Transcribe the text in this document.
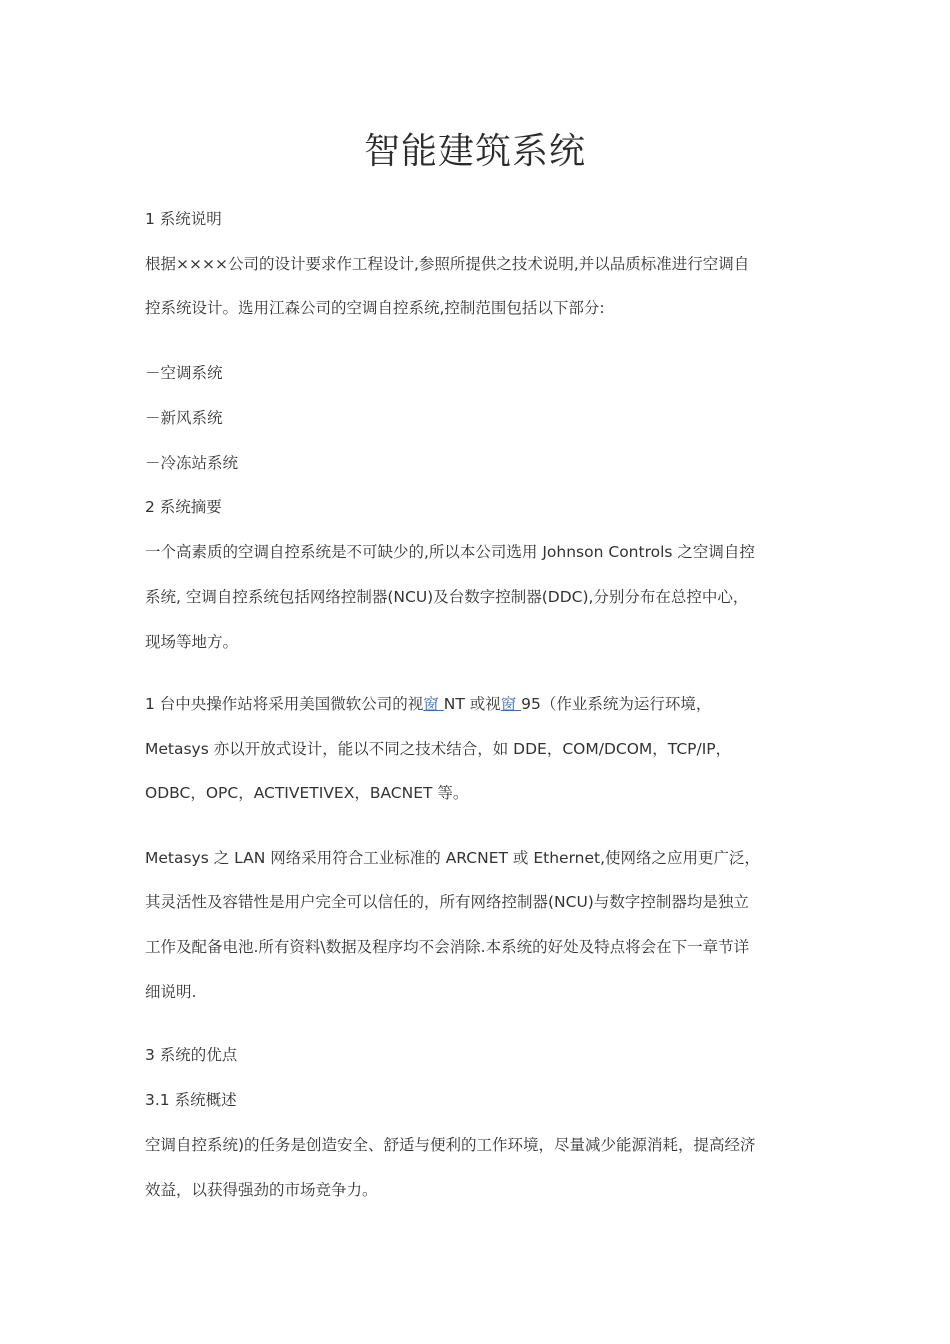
智能建筑系统
1 系统说明
根据××××公司的设计要求作工程设计,参照所提供之技术说明,并以品质标准进行空调自
控系统设计。选用江森公司的空调自控系统,控制范围包括以下部分:
－空调系统
－新风系统
－冷冻站系统
2 系统摘要
一个高素质的空调自控系统是不可缺少的,所以本公司选用 Johnson Controls 之空调自控
系统, 空调自控系统包括网络控制器(NCU)及台数字控制器(DDC),分别分布在总控中心，
现场等地方。
1 台中央操作站将采用美国微软公司的视窗 NT 或视窗 95（作业系统为运行环境，
Metasys 亦以开放式设计，能以不同之技术结合，如 DDE，COM/DCOM，TCP/IP，
ODBC，OPC，ACTIVETIVEX，BACNET 等。
Metasys 之 LAN 网络采用符合工业标准的 ARCNET 或 Ethernet,使网络之应用更广泛，
其灵活性及容错性是用户完全可以信任的，所有网络控制器(NCU)与数字控制器均是独立
工作及配备电池.所有资料\数据及程序均不会消除.本系统的好处及特点将会在下一章节详
细说明.
3 系统的优点
3.1 系统概述
空调自控系统)的任务是创造安全、舒适与便利的工作环境，尽量减少能源消耗，提高经济
效益，以获得强劲的市场竞争力。
